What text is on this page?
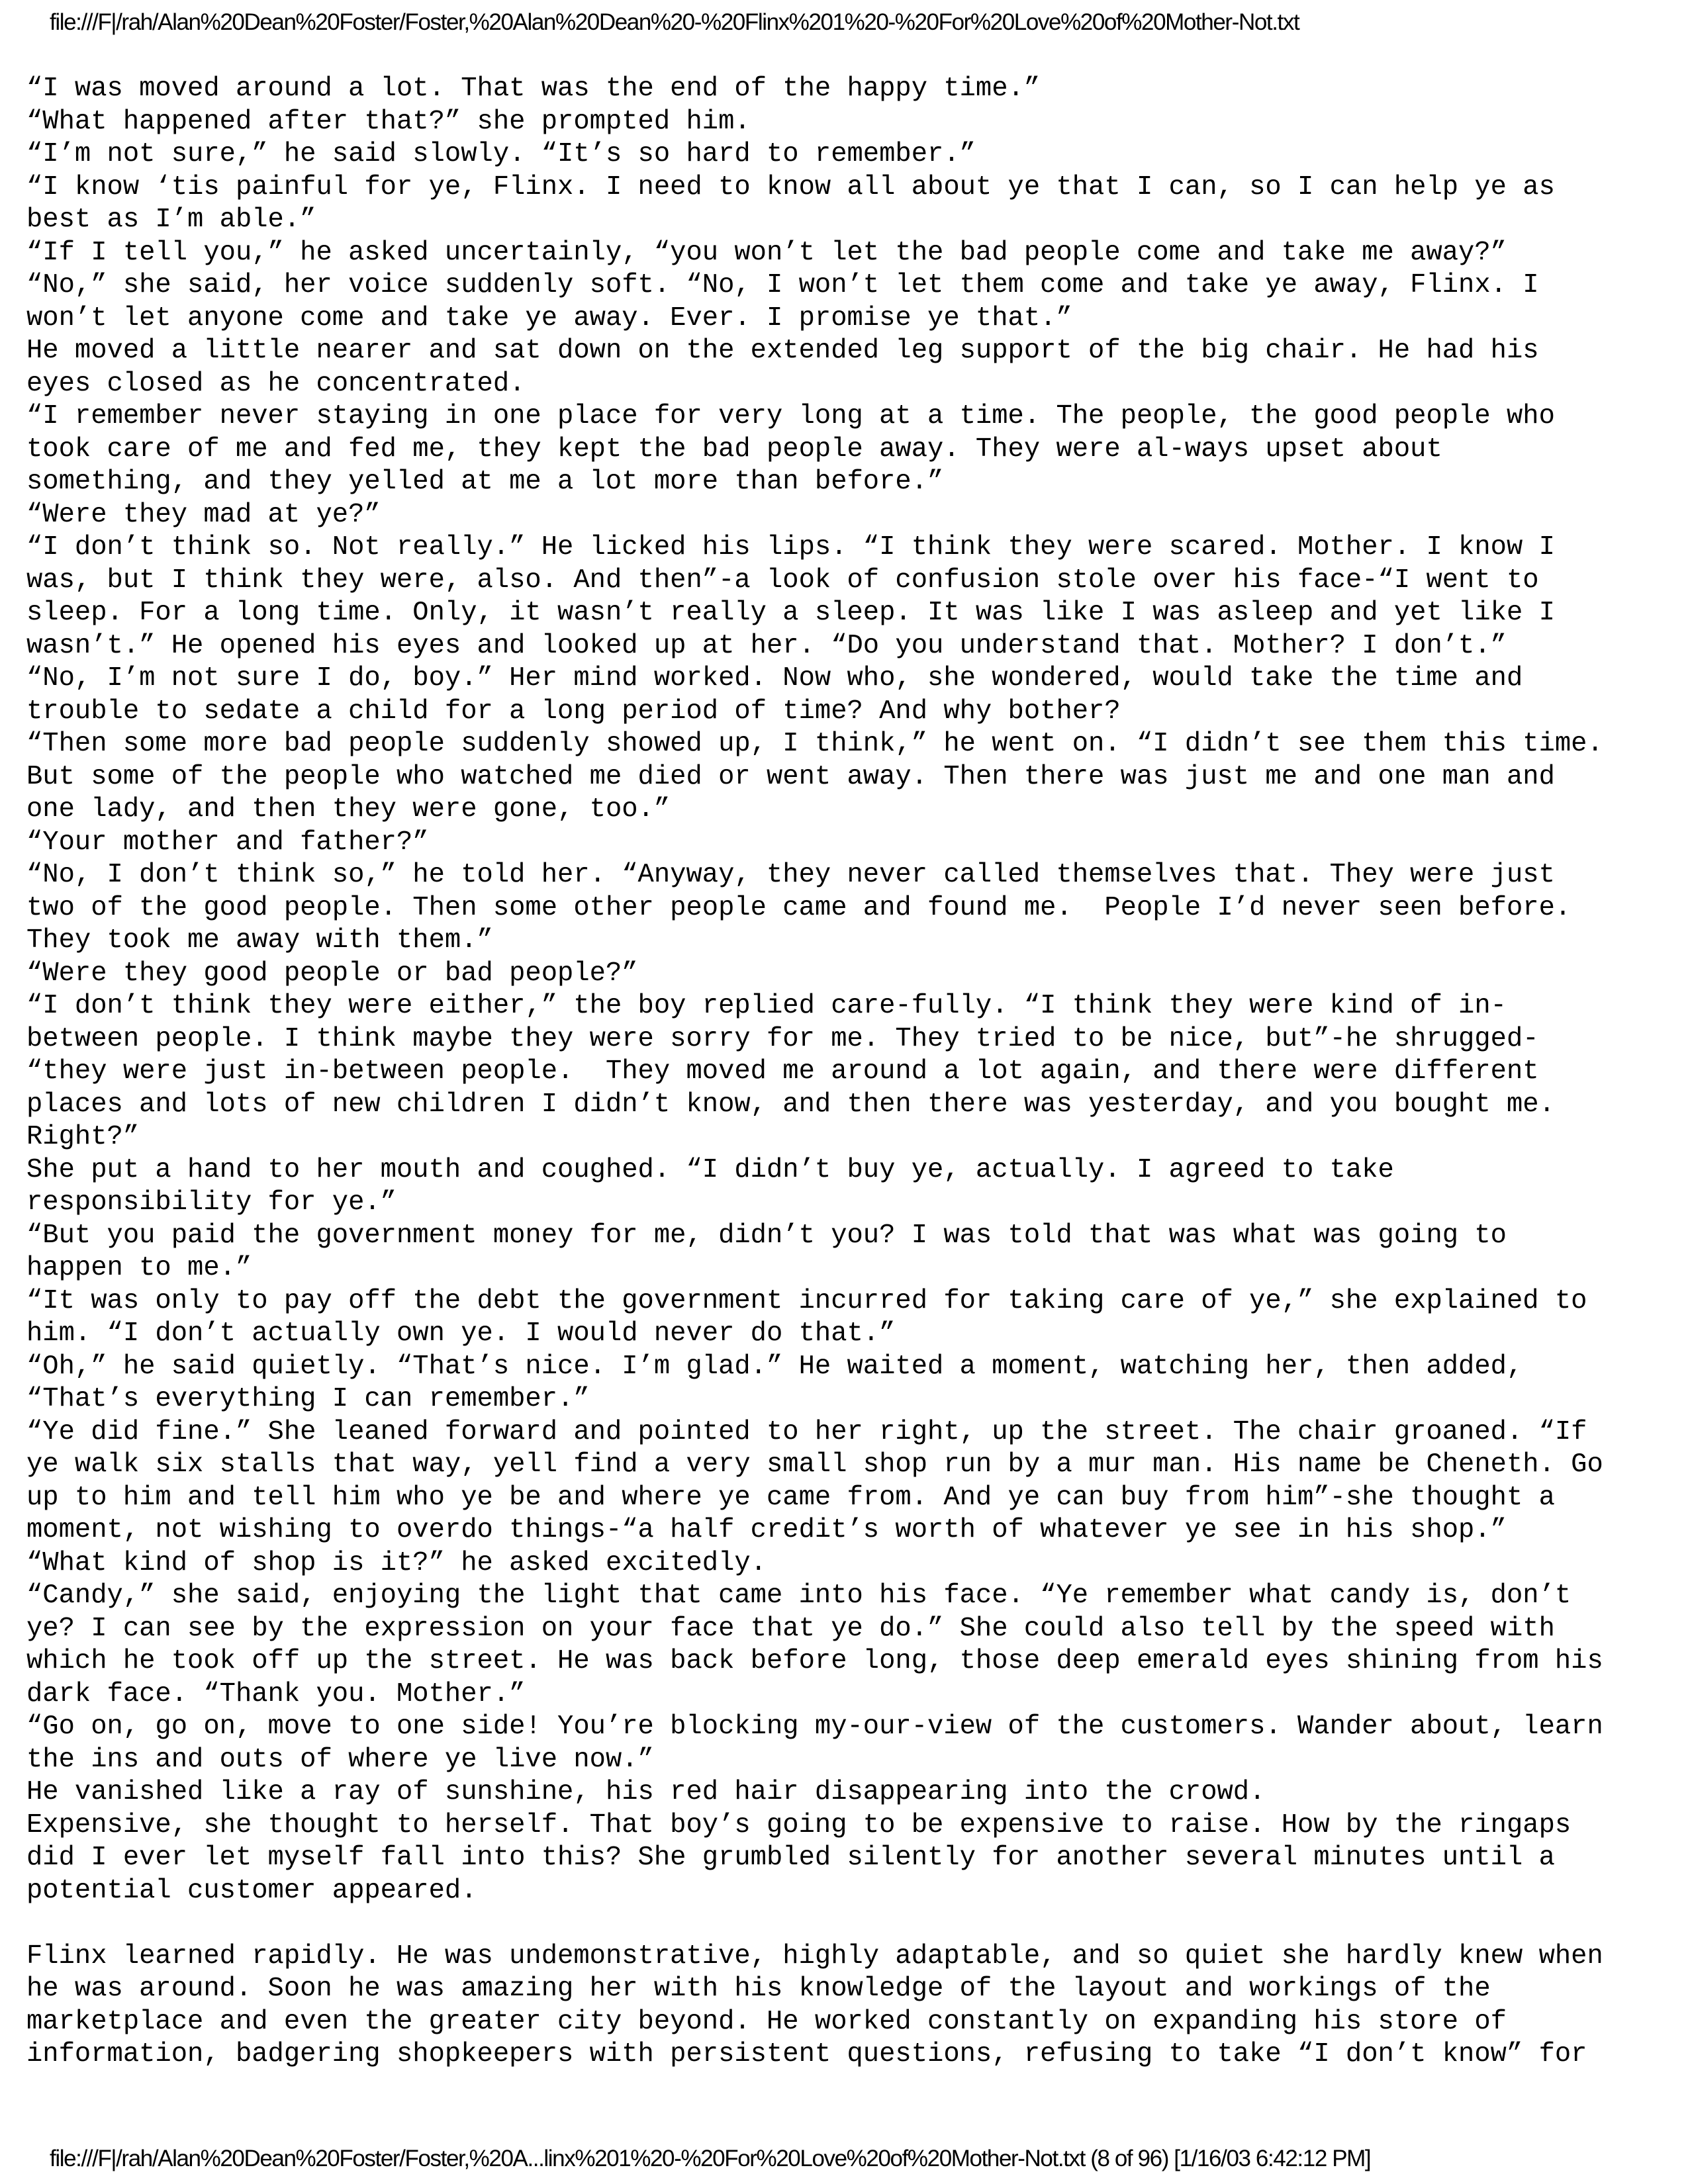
file:///F|/rah/Alan%20Dean%20Foster/Foster,%20Alan%20Dean%20-%20Flinx%201%20-%20For%20Love%20of%20Mother-Not.txt
“I was moved around a lot. That was the end of the happy time.”
“What happened after that?” she prompted him.
“I’m not sure,” he said slowly. “It’s so hard to remember.”
“I know ‘tis painful for ye, Flinx. I need to know all about ye that I can, so I can help ye as
best as I’m able.”
“If I tell you,” he asked uncertainly, “you won’t let the bad people come and take me away?”
“No,” she said, her voice suddenly soft. “No, I won’t let them come and take ye away, Flinx. I
won’t let anyone come and take ye away. Ever. I promise ye that.”
He moved a little nearer and sat down on the extended leg support of the big chair. He had his
eyes closed as he concentrated.
“I remember never staying in one place for very long at a time. The people, the good people who
took care of me and fed me, they kept the bad people away. They were al-ways upset about
something, and they yelled at me a lot more than before.”
“Were they mad at ye?”
“I don’t think so. Not really.” He licked his lips. “I think they were scared. Mother. I know I
was, but I think they were, also. And then”-a look of confusion stole over his face-“I went to
sleep. For a long time. Only, it wasn’t really a sleep. It was like I was asleep and yet like I
wasn’t.” He opened his eyes and looked up at her. “Do you understand that. Mother? I don’t.”
“No, I’m not sure I do, boy.” Her mind worked. Now who, she wondered, would take the time and
trouble to sedate a child for a long period of time? And why bother?
“Then some more bad people suddenly showed up, I think,” he went on. “I didn’t see them this time.
But some of the people who watched me died or went away. Then there was just me and one man and
one lady, and then they were gone, too.”
“Your mother and father?”
“No, I don’t think so,” he told her. “Anyway, they never called themselves that. They were just
two of the good people. Then some other people came and found me.  People I’d never seen before.
They took me away with them.”
“Were they good people or bad people?”
“I don’t think they were either,” the boy replied care-fully. “I think they were kind of in-
between people. I think maybe they were sorry for me. They tried to be nice, but”-he shrugged-
“they were just in-between people.  They moved me around a lot again, and there were different
places and lots of new children I didn’t know, and then there was yesterday, and you bought me.
Right?”
She put a hand to her mouth and coughed. “I didn’t buy ye, actually. I agreed to take
responsibility for ye.”
“But you paid the government money for me, didn’t you? I was told that was what was going to
happen to me.”
“It was only to pay off the debt the government incurred for taking care of ye,” she explained to
him. “I don’t actually own ye. I would never do that.”
“Oh,” he said quietly. “That’s nice. I’m glad.” He waited a moment, watching her, then added,
“That’s everything I can remember.”
“Ye did fine.” She leaned forward and pointed to her right, up the street. The chair groaned. “If
ye walk six stalls that way, yell find a very small shop run by a mur man. His name be Cheneth. Go
up to him and tell him who ye be and where ye came from. And ye can buy from him”-she thought a
moment, not wishing to overdo things-“a half credit’s worth of whatever ye see in his shop.”
“What kind of shop is it?” he asked excitedly.
“Candy,” she said, enjoying the light that came into his face. “Ye remember what candy is, don’t
ye? I can see by the expression on your face that ye do.” She could also tell by the speed with
which he took off up the street. He was back before long, those deep emerald eyes shining from his
dark face. “Thank you. Mother.”
“Go on, go on, move to one side! You’re blocking my-our-view of the customers. Wander about, learn
the ins and outs of where ye live now.”
He vanished like a ray of sunshine, his red hair disappearing into the crowd.
Expensive, she thought to herself. That boy’s going to be expensive to raise. How by the ringaps
did I ever let myself fall into this? She grumbled silently for another several minutes until a
potential customer appeared.
Flinx learned rapidly. He was undemonstrative, highly adaptable, and so quiet she hardly knew when
he was around. Soon he was amazing her with his knowledge of the layout and workings of the
marketplace and even the greater city beyond. He worked constantly on expanding his store of
information, badgering shopkeepers with persistent questions, refusing to take “I don’t know” for
file:///F|/rah/Alan%20Dean%20Foster/Foster,%20A...linx%201%20-%20For%20Love%20of%20Mother-Not.txt (8 of 96) [1/16/03 6:42:12 PM]
